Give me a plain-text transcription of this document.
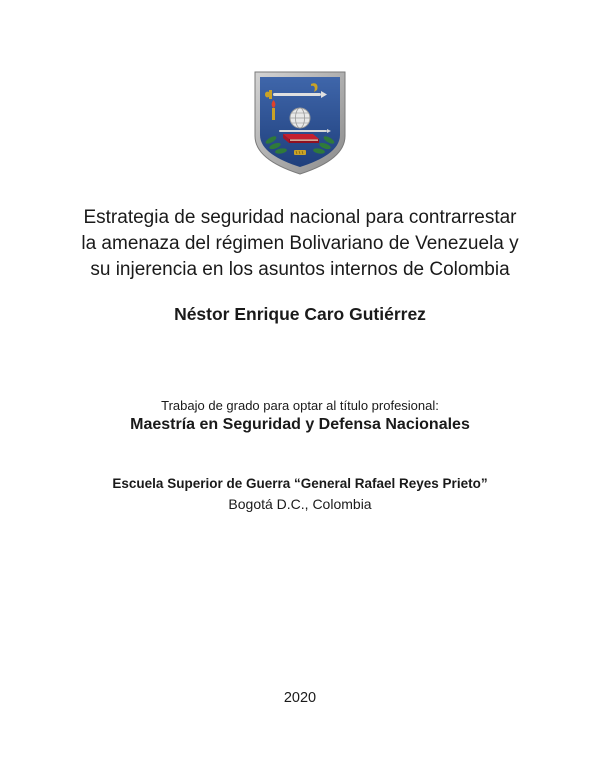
Estrategia de seguridad nacional para contrarrestar
la amenaza del régimen Bolivariano de Venezuela y
su injerencia en los asuntos internos de Colombia
Néstor Enrique Caro Gutiérrez
Trabajo de grado para optar al título profesional:
Maestría en Seguridad y Defensa Nacionales
Escuela Superior de Guerra “General Rafael Reyes Prieto”
Bogotá D.C., Colombia
2020
